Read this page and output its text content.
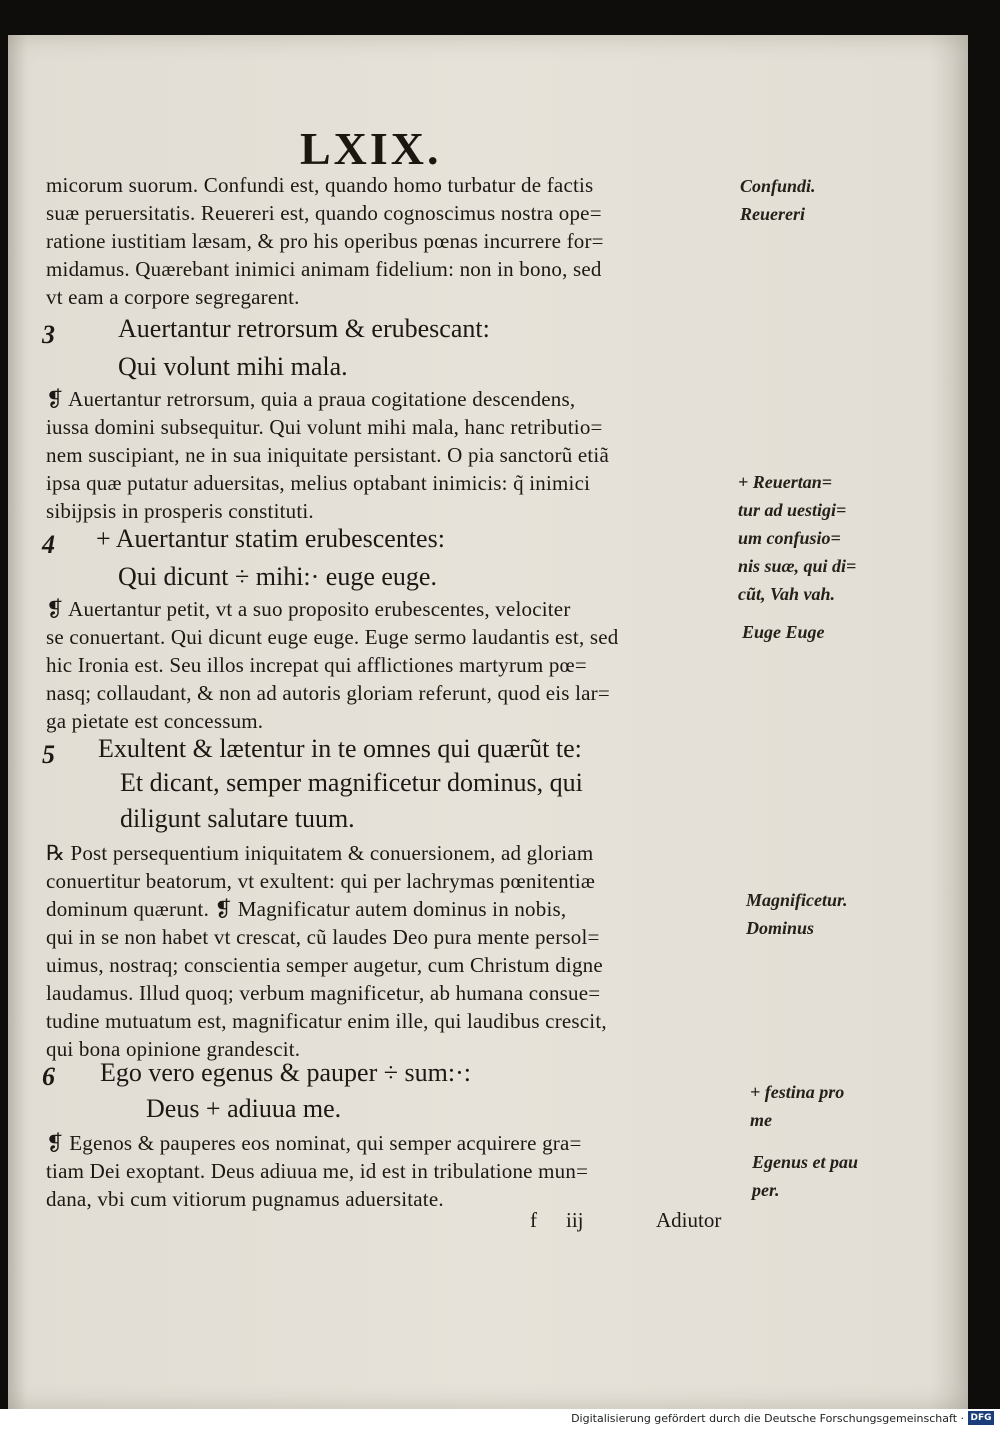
LXIX.
micorum suorum. Confundi est, quando homo turbatur de factis
suæ peruersitatis. Reuereri est, quando cognoscimus nostra ope=
ratione iustitiam læsam, & pro his operibus pœnas incurrere for=
midamus. Quærebant inimici animam fidelium: non in bono, sed
vt eam a corpore segregarent.
3 Auertantur retrorsum & erubescant:
Qui volunt mihi mala.
❡ Auertantur retrorsum, quia a praua cogitatione descendens,
iussa domini subsequitur. Qui volunt mihi mala, hanc retributio=
nem suscipiant, ne in sua iniquitate persistant. O pia sanctorũ etiã
ipsa quæ putatur aduersitas, melius optabant inimicis: q̃ inimici
sibĳpsis in prosperis constituti.
4 + Auertantur statim erubescentes:
Qui dicunt ÷ mihi:· euge euge.
❡ Auertantur petit, vt a suo proposito erubescentes, velociter
se conuertant. Qui dicunt euge euge. Euge sermo laudantis est, sed
hic Ironia est. Seu illos increpat qui afflictiones martyrum pœ=
nasq; collaudant, & non ad autoris gloriam referunt, quod eis lar=
ga pietate est concessum.
5 Exultent & lætentur in te omnes qui quærũt te:
Et dicant, semper magnificetur dominus, qui
diligunt salutare tuum.
℞ Post persequentium iniquitatem & conuersionem, ad gloriam
conuertitur beatorum, vt exultent: qui per lachrymas pœnitentiæ
dominum quærunt. ❡ Magnificatur autem dominus in nobis,
qui in se non habet vt crescat, cũ laudes Deo pura mente persol=
uimus, nostraq; conscientia semper augetur, cum Christum digne
laudamus. Illud quoq; verbum magnificetur, ab humana consue=
tudine mutuatum est, magnificatur enim ille, qui laudibus crescit,
qui bona opinione grandescit.
6 Ego vero egenus & pauper ÷ sum:·:
Deus + adiuua me.
❡ Egenos & pauperes eos nominat, qui semper acquirere gra=
tiam Dei exoptant. Deus adiuua me, id est in tribulatione mun=
dana, vbi cum vitiorum pugnamus aduersitate.
Confundi.
Reuereri
+ Reuertan=
tur ad uestigi=
um confusio=
nis suæ, qui di=
cũt, Vah vah.
Euge Euge
Magnificetur.
Dominus
+ festina pro
me
Egenus et pau
per.
f iĳ	Adiutor
Digitalisierung gefördert durch die Deutsche Forschungsgemeinschaft · DFG
